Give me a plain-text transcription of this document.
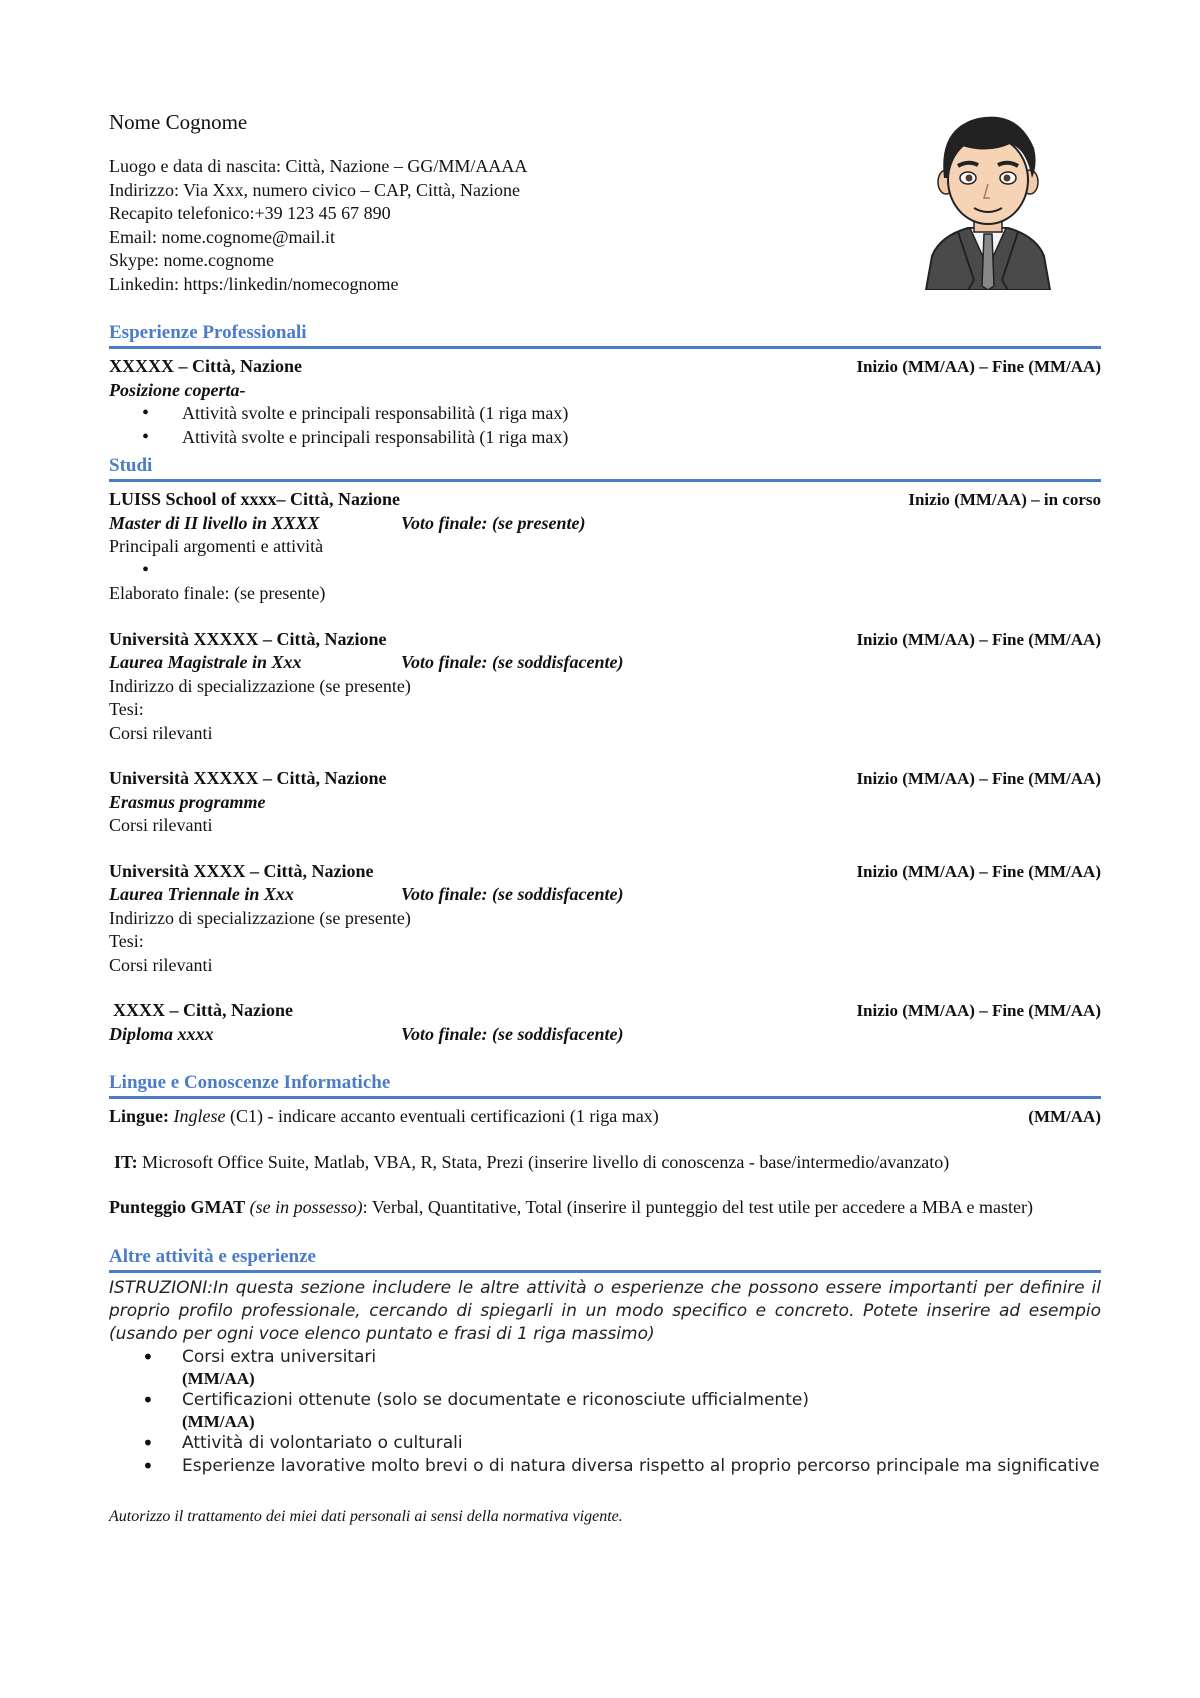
Nome Cognome
Luogo e data di nascita: Città, Nazione – GG/MM/AAAA
Indirizzo: Via Xxx, numero civico – CAP, Città, Nazione
Recapito telefonico:+39 123 45 67 890
Email: nome.cognome@mail.it
Skype: nome.cognome
Linkedin: https:/linkedin/nomecognome
Esperienze Professionali
XXXXX – Città, Nazione	Inizio (MM/AA) – Fine (MM/AA)
Posizione coperta-
• Attività svolte e principali responsabilità (1 riga max)
• Attività svolte e principali responsabilità (1 riga max)
Studi
LUISS School of xxxx– Città, Nazione	Inizio (MM/AA) – in corso
Master di II livello in XXXX	Voto finale: (se presente)
Principali argomenti e attività
•
Elaborato finale: (se presente)
Università XXXXX – Città, Nazione	Inizio (MM/AA) – Fine (MM/AA)
Laurea Magistrale in Xxx	Voto finale: (se soddisfacente)
Indirizzo di specializzazione (se presente)
Tesi:
Corsi rilevanti
Università XXXXX – Città, Nazione	Inizio (MM/AA) – Fine (MM/AA)
Erasmus programme
Corsi rilevanti
Università XXXX – Città, Nazione	Inizio (MM/AA) – Fine (MM/AA)
Laurea Triennale in Xxx	Voto finale: (se soddisfacente)
Indirizzo di specializzazione (se presente)
Tesi:
Corsi rilevanti
XXXX – Città, Nazione	Inizio (MM/AA) – Fine (MM/AA)
Diploma xxxx	Voto finale: (se soddisfacente)
Lingue e Conoscenze Informatiche
Lingue: Inglese (C1) - indicare accanto eventuali certificazioni (1 riga max)	(MM/AA)
IT: Microsoft Office Suite, Matlab, VBA, R, Stata, Prezi (inserire livello di conoscenza - base/intermedio/avanzato)
Punteggio GMAT (se in possesso): Verbal, Quantitative, Total (inserire il punteggio del test utile per accedere a MBA e master)
Altre attività e esperienze
ISTRUZIONI:In questa sezione includere le altre attività o esperienze che possono essere importanti per definire il proprio profilo professionale, cercando di spiegarli in un modo specifico e concreto. Potete inserire ad esempio (usando per ogni voce elenco puntato e frasi di 1 riga massimo)
• Corsi extra universitari
(MM/AA)
• Certificazioni ottenute (solo se documentate e riconosciute ufficialmente)
(MM/AA)
• Attività di volontariato o culturali
• Esperienze lavorative molto brevi o di natura diversa rispetto al proprio percorso principale ma significative
Autorizzo il trattamento dei miei dati personali ai sensi della normativa vigente.
